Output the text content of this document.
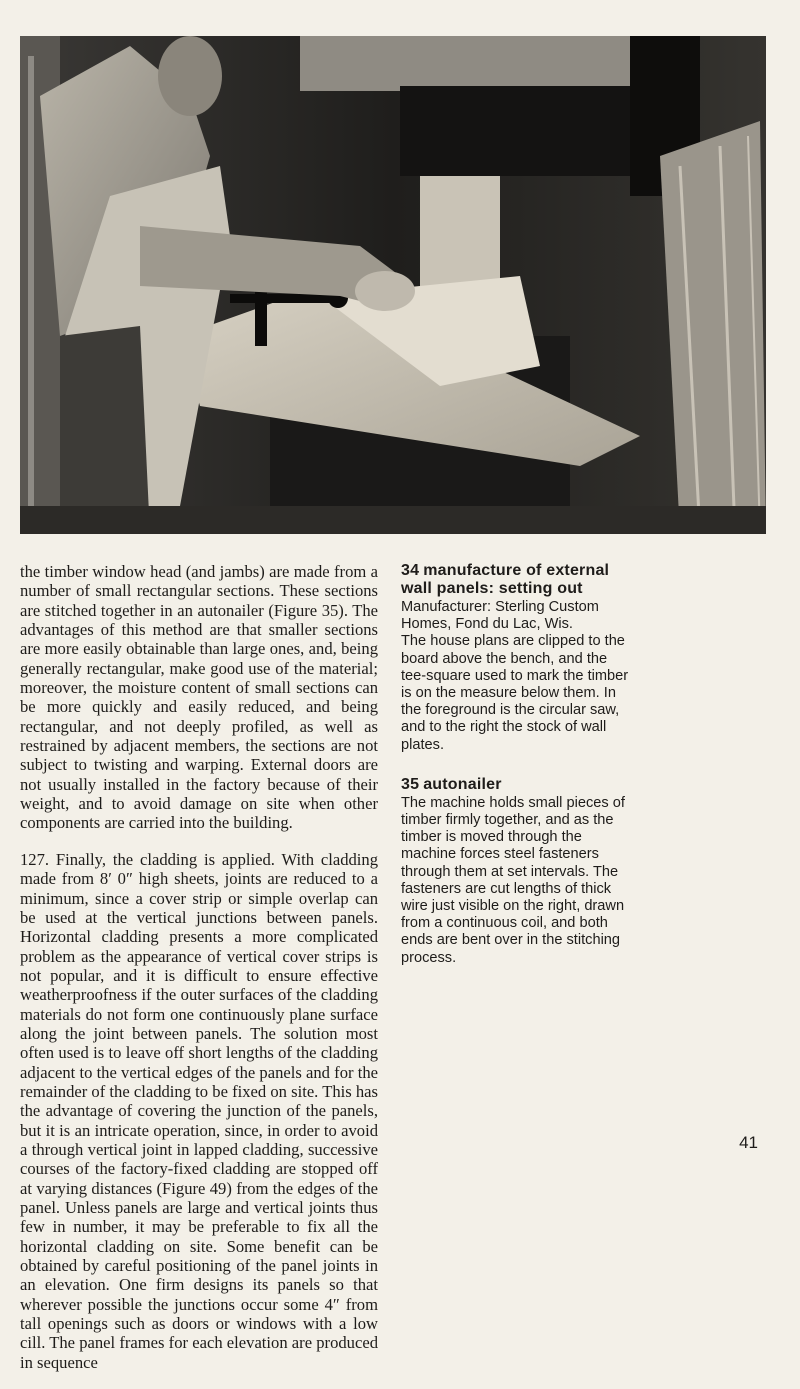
the timber window head (and jambs) are made from a number of small rectangular sections. These sections are stitched together in an autonailer (Figure 35). The advantages of this method are that smaller sections are more easily obtainable than large ones, and, being generally rectangular, make good use of the material; moreover, the moisture content of small sections can be more quickly and easily reduced, and being rectangular, and not deeply profiled, as well as restrained by adjacent members, the sections are not subject to twisting and warping. External doors are not usually installed in the factory because of their weight, and to avoid damage on site when other components are carried into the building.

127. Finally, the cladding is applied. With cladding made from 8′ 0″ high sheets, joints are reduced to a minimum, since a cover strip or simple overlap can be used at the vertical junctions between panels. Horizontal cladding presents a more complicated problem as the appearance of vertical cover strips is not popular, and it is difficult to ensure effective weatherproofness if the outer surfaces of the cladding materials do not form one continuously plane surface along the joint between panels. The solution most often used is to leave off short lengths of the cladding adjacent to the vertical edges of the panels and for the remainder of the cladding to be fixed on site. This has the advantage of covering the junction of the panels, but it is an intricate operation, since, in order to avoid a through vertical joint in lapped cladding, successive courses of the factory-fixed cladding are stopped off at varying distances (Figure 49) from the edges of the panel. Unless panels are large and vertical joints thus few in number, it may be preferable to fix all the horizontal cladding on site. Some benefit can be obtained by careful positioning of the panel joints in an elevation. One firm designs its panels so that wherever possible the junctions occur some 4″ from tall openings such as doors or windows with a low cill. The panel frames for each elevation are produced in sequence

34 manufacture of external wall panels: setting out

Manufacturer: Sterling Custom Homes, Fond du Lac, Wis.

The house plans are clipped to the board above the bench, and the tee-square used to mark the timber is on the measure below them. In the foreground is the circular saw, and to the right the stock of wall plates.

35 autonailer

The machine holds small pieces of timber firmly together, and as the timber is moved through the machine forces steel fasteners through them at set intervals. The fasteners are cut lengths of thick wire just visible on the right, drawn from a continuous coil, and both ends are bent over in the stitching process.

41
